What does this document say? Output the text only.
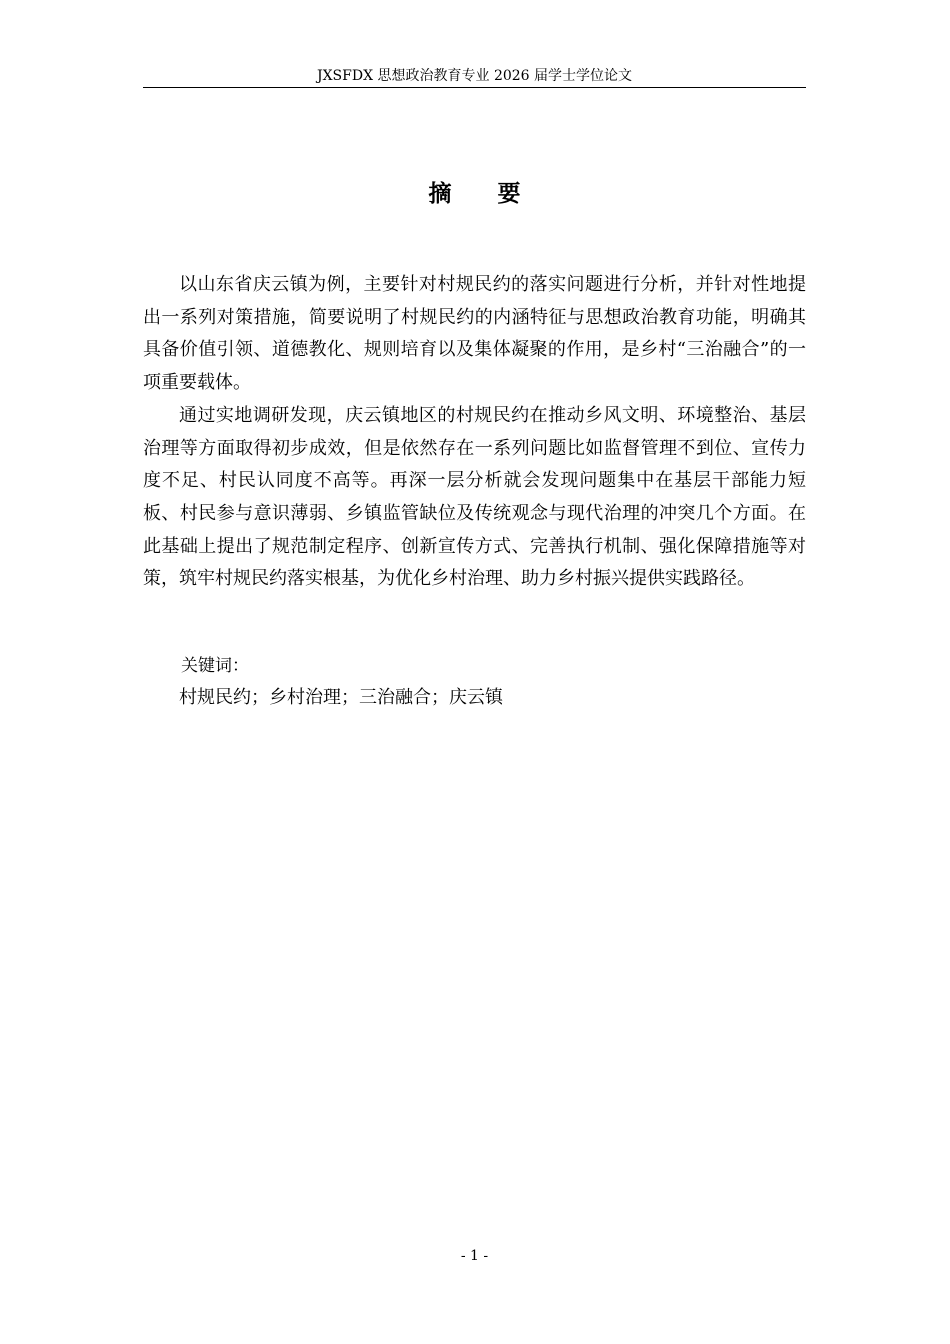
JXSFDX 思想政治教育专业 2026 届学士学位论文
摘 要

以山东省庆云镇为例，主要针对村规民约的落实问题进行分析，并针对性地提出一系列对策措施，简要说明了村规民约的内涵特征与思想政治教育功能，明确其具备价值引领、道德教化、规则培育以及集体凝聚的作用，是乡村“三治融合”的一项重要载体。

通过实地调研发现，庆云镇地区的村规民约在推动乡风文明、环境整治、基层治理等方面取得初步成效，但是依然存在一系列问题比如监督管理不到位、宣传力度不足、村民认同度不高等。再深一层分析就会发现问题集中在基层干部能力短板、村民参与意识薄弱、乡镇监管缺位及传统观念与现代治理的冲突几个方面。在此基础上提出了规范制定程序、创新宣传方式、完善执行机制、强化保障措施等对策，筑牢村规民约落实根基，为优化乡村治理、助力乡村振兴提供实践路径。

关键词：
村规民约；乡村治理；三治融合；庆云镇
- 1 -
